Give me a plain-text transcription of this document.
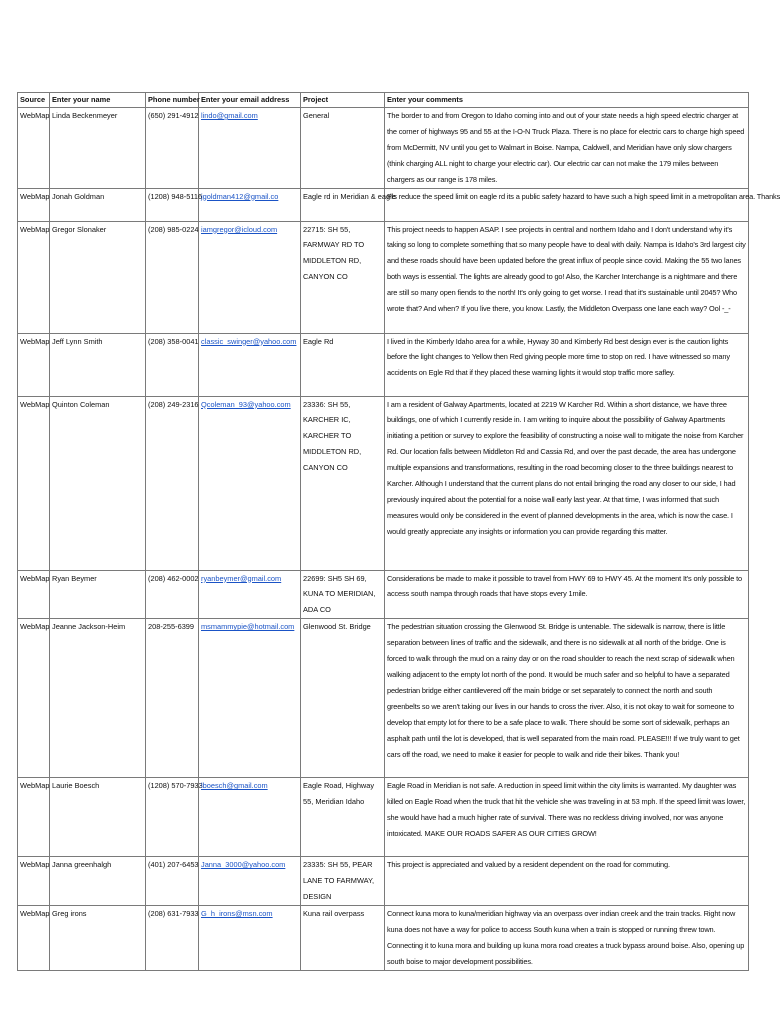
Source	Enter your name	Phone number	Enter your email address	Project	Enter your comments
WebMap	Linda Beckenmeyer	(650) 291-4912	lindo@gmail.com	General	The border to and from Oregon to Idaho coming into and out of your state needs a high speed electric charger at the corner of highways 95 and 55 at the I-O-N Truck Plaza. There is no place for electric cars to charge high speed from McDermitt, NV until you get to Walmart in Boise. Nampa, Caldwell, and Meridian have only slow chargers (think charging ALL night to charge your electric car). Our electric car can not make the 179 miles between chargers as our range is 178 miles.
WebMap	Jonah Goldman	(1208) 948-5116	jgoldman412@gmail.co	Eagle rd in Meridian & eagle	Pls reduce the speed limit on eagle rd its a public safety hazard to have such a high speed limit in a metropolitan area. Thanks
WebMap	Gregor Slonaker	(208) 985-0224	iamgregor@icloud.com	22715: SH 55, FARMWAY RD TO MIDDLETON RD, CANYON CO	This project needs to happen ASAP. I see projects in central and northern Idaho and I don't understand why it's taking so long to complete something that so many people have to deal with daily. Nampa is Idaho's 3rd largest city and these roads should have been updated before the great influx of people since covid. Making the 55 two lanes both ways is essential. The lights are already good to go! Also, the Karcher Interchange is a nightmare and there are still so many open fiends to the north! It's only going to get worse. I read that it's sustainable until 2045? Who wrote that? And when? If you live there, you know. Lastly, the Middleton Overpass one lane each way? Ool -_-
WebMap	Jeff Lynn Smith	(208) 358-0041	classic_swinger@yahoo.com	Eagle Rd	I lived in the Kimberly Idaho area for a while, Hyway 30 and Kimberly Rd best design ever is the caution lights before the light changes to Yellow then Red giving people more time to stop on red. I have witnessed so many accidents on Egle Rd that if they placed these warning lights it would stop traffic more safley.
WebMap	Quinton Coleman	(208) 249-2316	Qcoleman_93@yahoo.com	23336: SH 55, KARCHER IC, KARCHER TO MIDDLETON RD, CANYON CO	I am a resident of Galway Apartments, located at 2219 W Karcher Rd. Within a short distance, we have three buildings, one of which I currently reside in. I am writing to inquire about the possibility of Galway Apartments initiating a petition or survey to explore the feasibility of constructing a noise wall to mitigate the noise from Karcher Rd. Our location falls between Middleton Rd and Cassia Rd, and over the past decade, the area has undergone multiple expansions and transformations, resulting in the road becoming closer to the three buildings nearest to Karcher. Although I understand that the current plans do not entail bringing the road any closer to our side, I had previously inquired about the potential for a noise wall early last year. At that time, I was informed that such measures would only be considered in the event of planned developments in the area, which is now the case. I would greatly appreciate any insights or information you can provide regarding this matter.
WebMap	Ryan Beymer	(208) 462-0002	ryanbeymer@gmail.com	22699: SH5 SH 69, KUNA TO MERIDIAN, ADA CO	Considerations be made to make it possible to travel from HWY 69 to HWY 45. At the moment It's only possible to access south nampa through roads that have stops every 1mile.
WebMap	Jeanne Jackson-Heim	208-255-6399	msmammypie@hotmail.com	Glenwood St. Bridge	The pedestrian situation crossing the Glenwood St. Bridge is untenable. The sidewalk is narrow, there is little separation between lines of traffic and the sidewalk, and there is no sidewalk at all north of the bridge. One is forced to walk through the mud on a rainy day or on the road shoulder to reach the next scrap of sidewalk when walking adjacent to the empty lot north of the pond. It would be much safer and so helpful to have a separated pedestrian bridge either cantilevered off the main bridge or set separately to connect the north and south greenbelts so we aren't taking our lives in our hands to cross the river. Also, it is not okay to wait for someone to develop that empty lot for there to be a safe place to walk. There should be some sort of sidewalk, perhaps an asphalt path until the lot is developed, that is well separated from the main road. PLEASE!!! If we truly want to get cars off the road, we need to make it easier for people to walk and ride their bikes. Thank you!
WebMap	Laurie Boesch	(1208) 570-7933	lboesch@gmail.com	Eagle Road, Highway 55, Meridian Idaho	Eagle Road in Meridian is not safe. A reduction in speed limit within the city limits is warranted. My daughter was killed on Eagle Road when the truck that hit the vehicle she was traveling in at 53 mph. If the speed limit was lower, she would have had a much higher rate of survival. There was no reckless driving involved, nor was anyone intoxicated. MAKE OUR ROADS SAFER AS OUR CITIES GROW!
WebMap	Janna greenhalgh	(401) 207-6453	Janna_3000@yahoo.com	23335: SH 55, PEAR LANE TO FARMWAY, DESIGN	This project is appreciated and valued by a resident dependent on the road for commuting.
WebMap	Greg irons	(208) 631-7933	G_h_irons@msn.com	Kuna rail overpass	Connect kuna mora to kuna/meridian highway via an overpass over indian creek and the train tracks. Right now kuna does not have a way for police to access South kuna when a train is stopped or running threw town. Connecting it to kuna mora and building up kuna mora road creates a truck bypass around boise. Also, opening up south boise to major development possibilities.
